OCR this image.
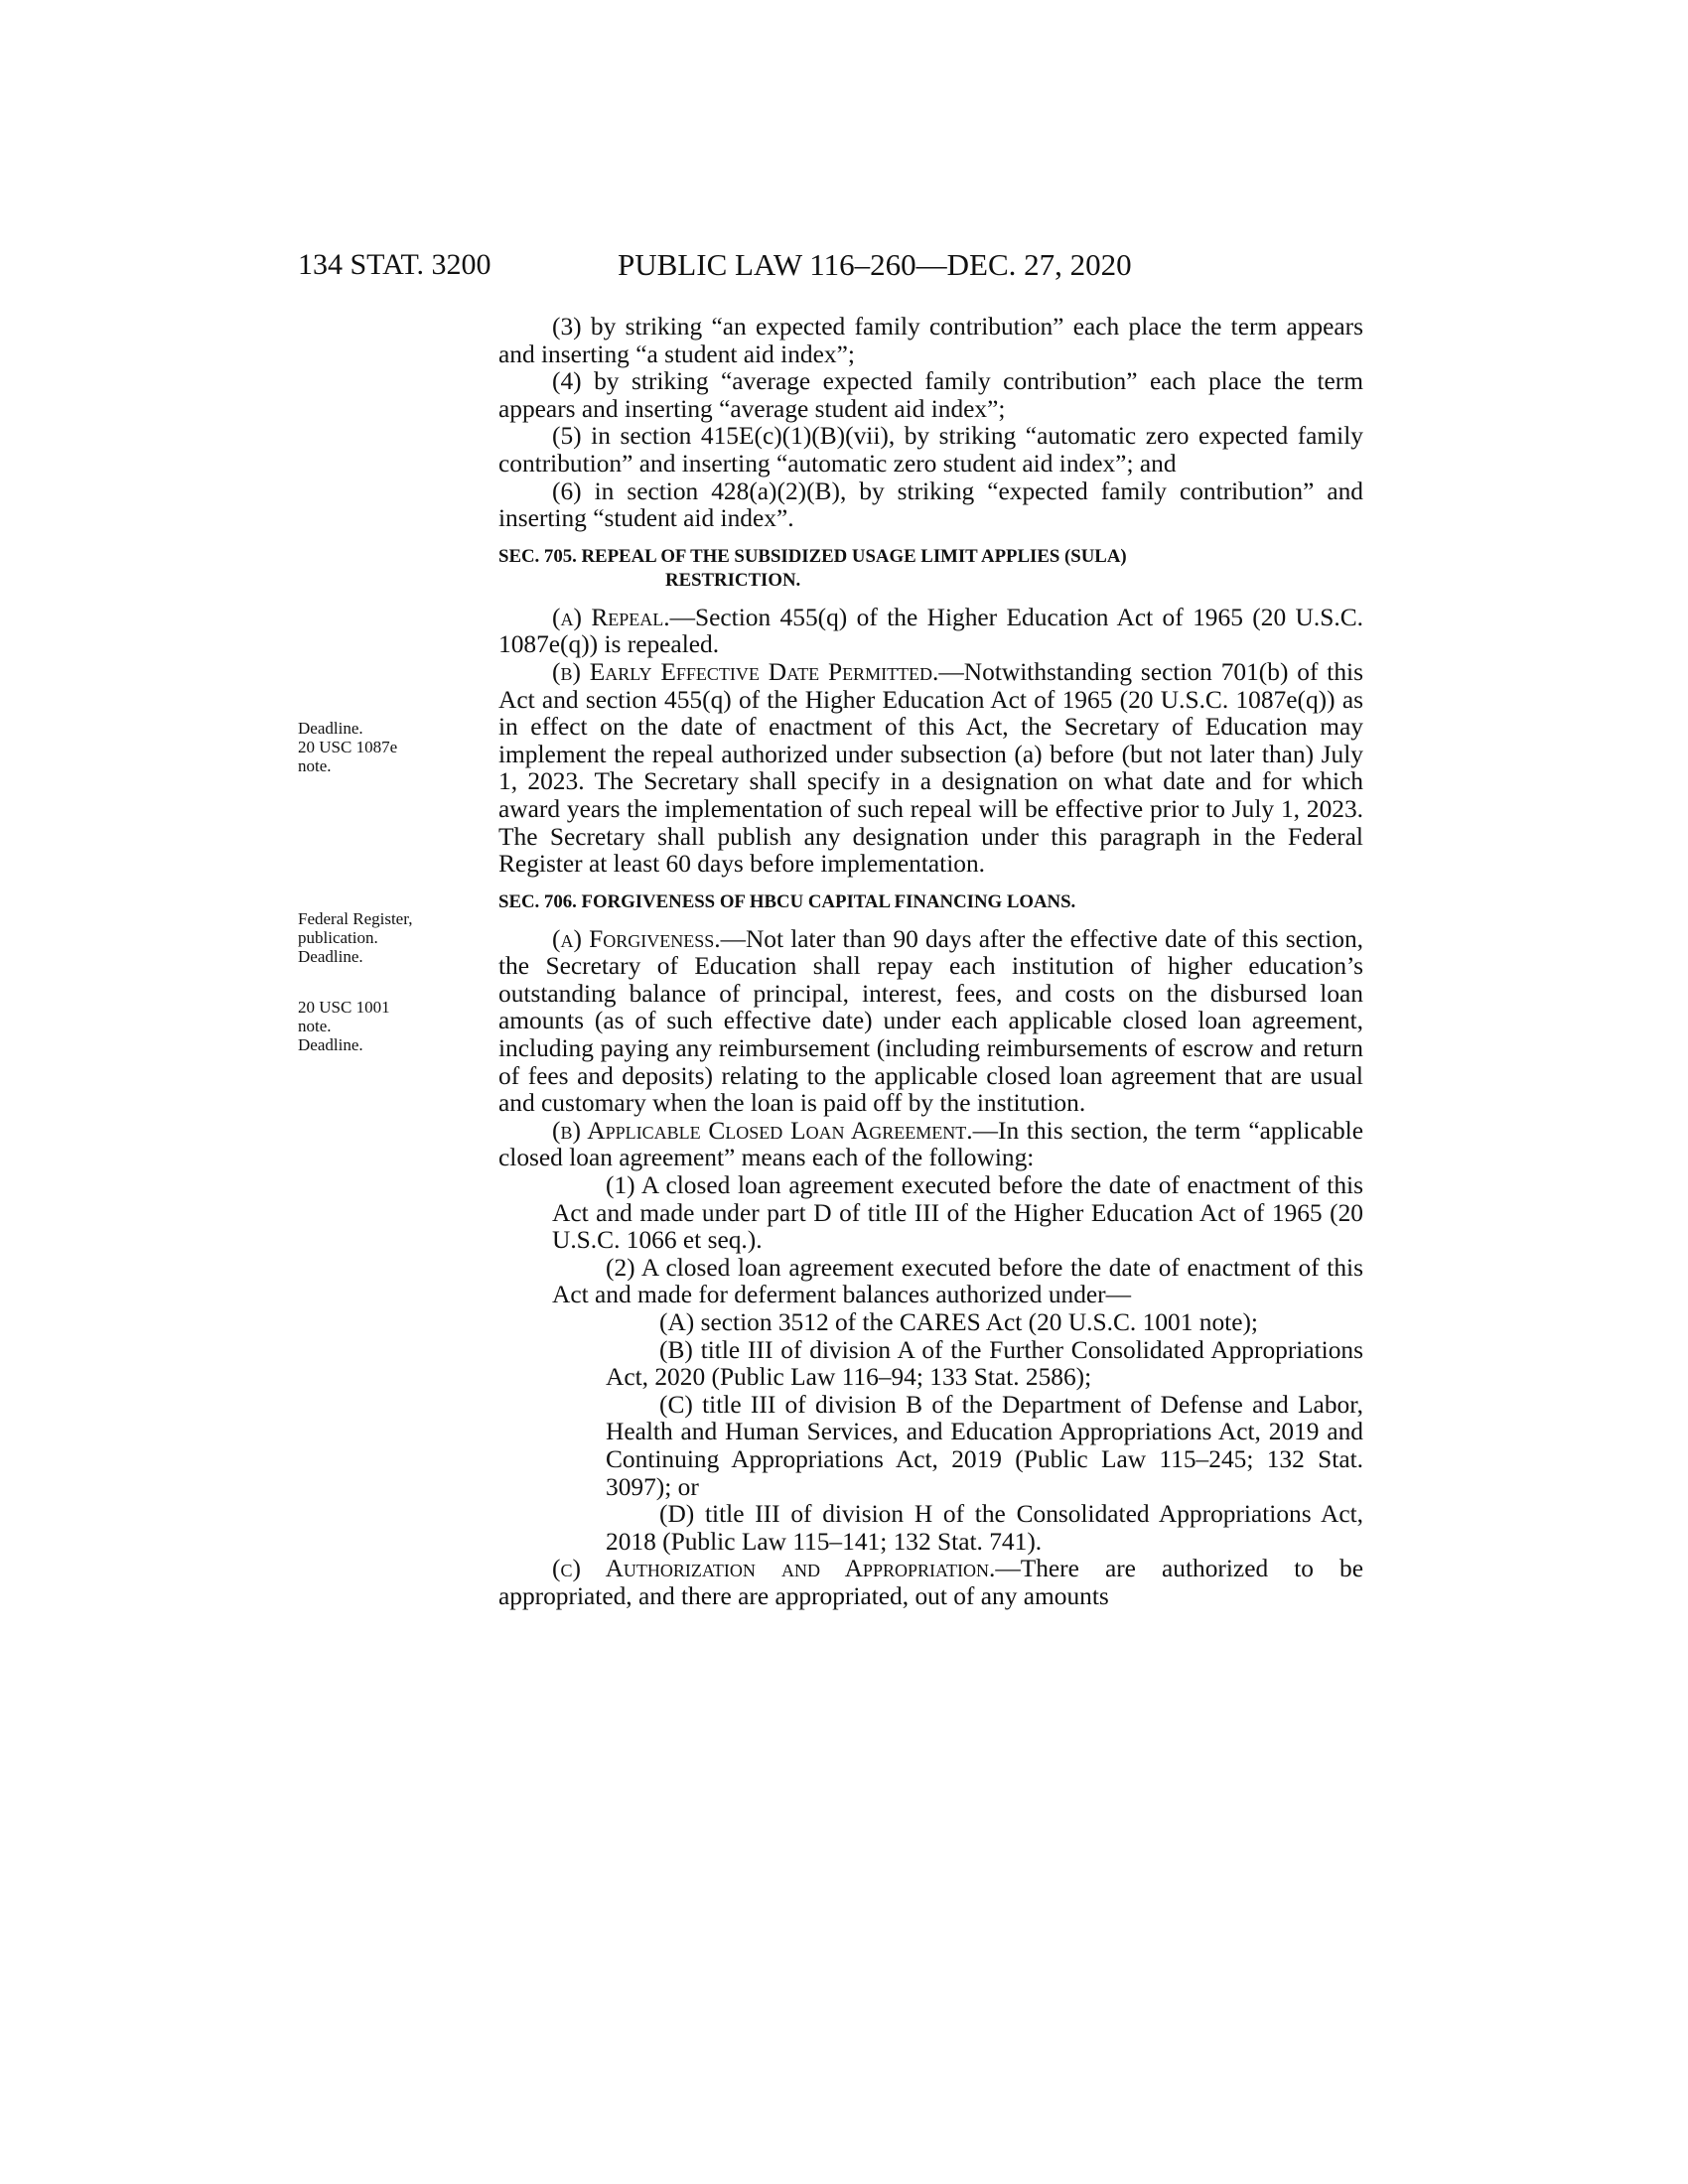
134 STAT. 3200	PUBLIC LAW 116–260—DEC. 27, 2020
Deadline.
20 USC 1087e
note.
Federal Register,
publication.
Deadline.
20 USC 1001
note.
Deadline.

(3) by striking “an expected family contribution” each place the term appears and inserting “a student aid index”;

(4) by striking “average expected family contribution” each place the term appears and inserting “average student aid index”;

(5) in section 415E(c)(1)(B)(vii), by striking “automatic zero expected family contribution” and inserting “automatic zero student aid index”; and

(6) in section 428(a)(2)(B), by striking “expected family contribution” and inserting “student aid index”.

SEC. 705. REPEAL OF THE SUBSIDIZED USAGE LIMIT APPLIES (SULA)
RESTRICTION.

(a) Repeal.—Section 455(q) of the Higher Education Act of 1965 (20 U.S.C. 1087e(q)) is repealed.

(b) Early Effective Date Permitted.—Notwithstanding section 701(b) of this Act and section 455(q) of the Higher Education Act of 1965 (20 U.S.C. 1087e(q)) as in effect on the date of enactment of this Act, the Secretary of Education may implement the repeal authorized under subsection (a) before (but not later than) July 1, 2023. The Secretary shall specify in a designation on what date and for which award years the implementation of such repeal will be effective prior to July 1, 2023. The Secretary shall publish any designation under this paragraph in the Federal Register at least 60 days before implementation.

SEC. 706. FORGIVENESS OF HBCU CAPITAL FINANCING LOANS.

(a) Forgiveness.—Not later than 90 days after the effective date of this section, the Secretary of Education shall repay each institution of higher education’s outstanding balance of principal, interest, fees, and costs on the disbursed loan amounts (as of such effective date) under each applicable closed loan agreement, including paying any reimbursement (including reimbursements of escrow and return of fees and deposits) relating to the applicable closed loan agreement that are usual and customary when the loan is paid off by the institution.

(b) Applicable Closed Loan Agreement.—In this section, the term “applicable closed loan agreement” means each of the following:

(1) A closed loan agreement executed before the date of enactment of this Act and made under part D of title III of the Higher Education Act of 1965 (20 U.S.C. 1066 et seq.).

(2) A closed loan agreement executed before the date of enactment of this Act and made for deferment balances authorized under—

(A) section 3512 of the CARES Act (20 U.S.C. 1001 note);

(B) title III of division A of the Further Consolidated Appropriations Act, 2020 (Public Law 116–94; 133 Stat. 2586);

(C) title III of division B of the Department of Defense and Labor, Health and Human Services, and Education Appropriations Act, 2019 and Continuing Appropriations Act, 2019 (Public Law 115–245; 132 Stat. 3097); or

(D) title III of division H of the Consolidated Appropriations Act, 2018 (Public Law 115–141; 132 Stat. 741).

(c) Authorization and Appropriation.—There are authorized to be appropriated, and there are appropriated, out of any amounts
